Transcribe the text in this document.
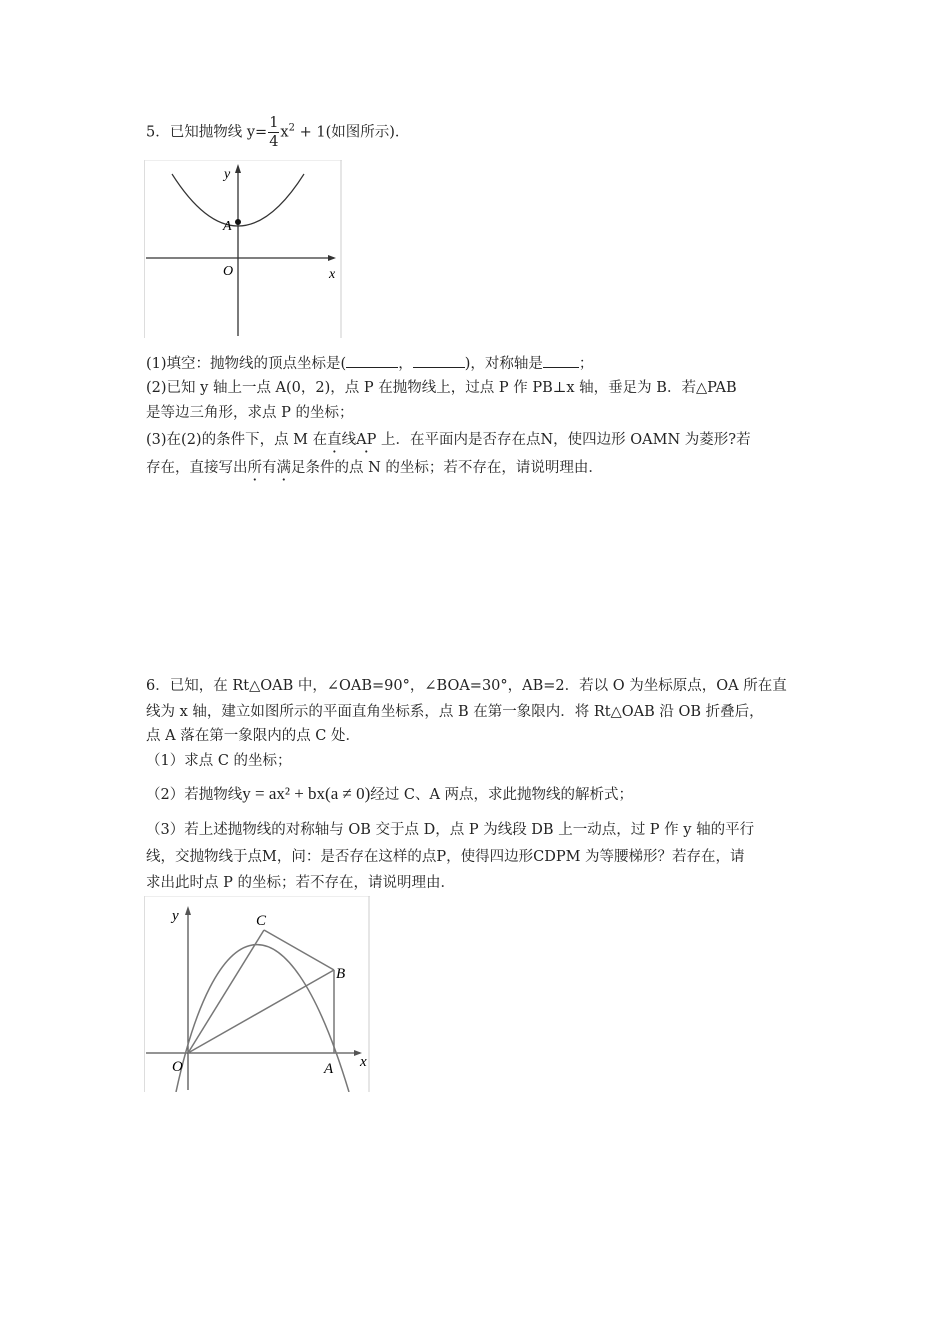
5．已知抛物线 $y= \frac{1}{4} x^2 + 1$(如图所示)．
y
x
O
A
(1)填空：抛物线的顶点坐标是(	，	)，对称轴是 ；
(2)已知 y 轴上一点 A(0，2)，点 P 在抛物线上，过点 P 作 PB⊥x 轴，垂足为 B．若△PAB
是等边三角形，求点 P 的坐标；
(3)在(2)的条件下，点 M 在直线AP · 上．在平面内是否存在点N，使四边形 OAMN 为菱形?若
存在，直接写出所有满足条件的点 N 的坐标；若不存在，请说明理由．
6．已知，在 Rt△OAB 中，∠OAB=90°，∠BOA=30°，AB=2．若以 O 为坐标原点，OA 所在直
线为 x 轴，建立如图所示的平面直角坐标系，点 B 在第一象限内．将 Rt△OAB 沿 OB 折叠后，
点 A 落在第一象限内的点 C 处．
（1）求点 C 的坐标；
（2）若抛物线y = ax² + bx(a ≠ 0)经过 C、A 两点，求此抛物线的解析式；
（3）若上述抛物线的对称轴与 OB 交于点 D，点 P 为线段 DB 上一动点，过 P 作 y 轴的平行
线，交抛物线于点M，问：是否存在这样的点P，使得四边形CDPM 为等腰梯形？若存在，请
求出此时点 P 的坐标；若不存在，请说明理由．
y
x
O	A
B
C
